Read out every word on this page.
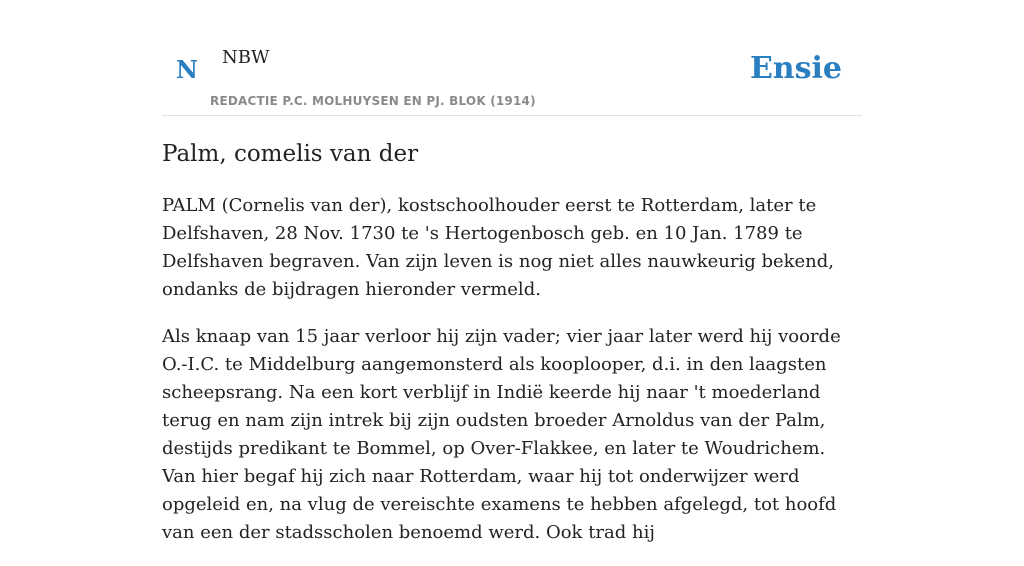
N NBW
REDACTIE P.C. MOLHUYSEN EN PJ. BLOK (1914)
Ensie
Palm, comelis van der

PALM (Cornelis van der), kostschoolhouder eerst te Rotterdam, later te Delfshaven, 28 Nov. 1730 te 's Hertogenbosch geb. en 10 Jan. 1789 te Delfshaven begraven. Van zijn leven is nog niet alles nauwkeurig bekend, ondanks de bijdragen hieronder vermeld.

Als knaap van 15 jaar verloor hij zijn vader; vier jaar later werd hij voorde O.-I.C. te Middelburg aangemonsterd als kooplooper, d.i. in den laagsten scheepsrang. Na een kort verblijf in Indië keerde hij naar 't moederland terug en nam zijn intrek bij zijn oudsten broeder Arnoldus van der Palm, destijds predikant te Bommel, op Over-Flakkee, en later te Woudrichem. Van hier begaf hij zich naar Rotterdam, waar hij tot onderwijzer werd opgeleid en, na vlug de vereischte examens te hebben afgelegd, tot hoofd van een der stadsscholen benoemd werd. Ook trad hij
